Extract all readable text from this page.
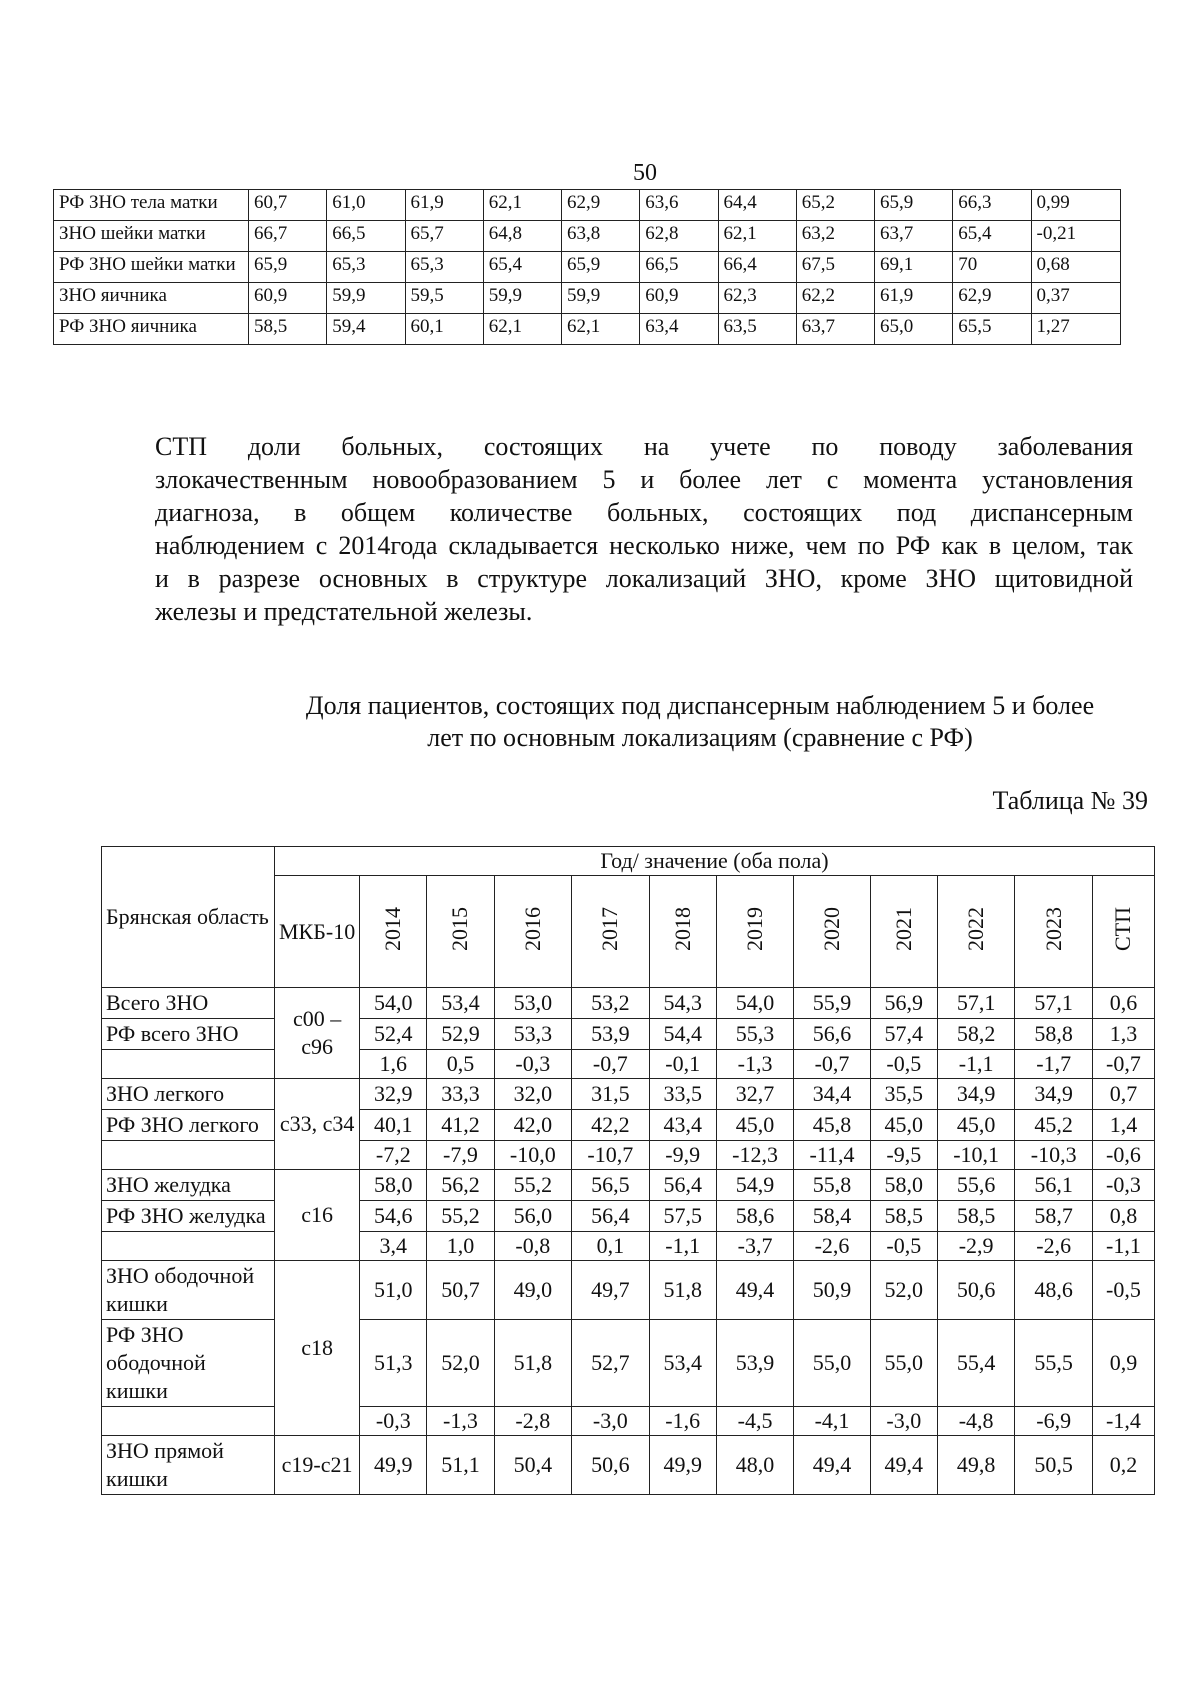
50
РФ ЗНО тела матки	60,7	61,0	61,9	62,1	62,9	63,6	64,4	65,2	65,9	66,3	0,99
ЗНО шейки матки	66,7	66,5	65,7	64,8	63,8	62,8	62,1	63,2	63,7	65,4	-0,21
РФ ЗНО шейки матки	65,9	65,3	65,3	65,4	65,9	66,5	66,4	67,5	69,1	70	0,68
ЗНО яичника	60,9	59,9	59,5	59,9	59,9	60,9	62,3	62,2	61,9	62,9	0,37
РФ ЗНО яичника	58,5	59,4	60,1	62,1	62,1	63,4	63,5	63,7	65,0	65,5	1,27
СТП доли больных, состоящих на учете по поводу заболевания
злокачественным новообразованием 5 и более лет с момента установления
диагноза, в общем количестве больных, состоящих под диспансерным
наблюдением с 2014года складывается несколько ниже, чем по РФ как в целом, так
и в разрезе основных в структуре локализаций ЗНО, кроме ЗНО щитовидной
железы и предстательной железы.
Доля пациентов, состоящих под диспансерным наблюдением 5 и более
лет по основным локализациям (сравнение с РФ)
Таблица № 39
Брянская область	Год/ значение (оба пола)											
	МКБ-10	2014	2015	2016	2017	2018	2019	2020	2021	2022	2023	СТП
Всего ЗНО	с00 – с96	54,0	53,4	53,0	53,2	54,3	54,0	55,9	56,9	57,1	57,1	0,6
РФ всего ЗНО		52,4	52,9	53,3	53,9	54,4	55,3	56,6	57,4	58,2	58,8	1,3
		1,6	0,5	-0,3	-0,7	-0,1	-1,3	-0,7	-0,5	-1,1	-1,7	-0,7
ЗНО легкого	с33, с34	32,9	33,3	32,0	31,5	33,5	32,7	34,4	35,5	34,9	34,9	0,7
РФ ЗНО легкого		40,1	41,2	42,0	42,2	43,4	45,0	45,8	45,0	45,0	45,2	1,4
		-7,2	-7,9	-10,0	-10,7	-9,9	-12,3	-11,4	-9,5	-10,1	-10,3	-0,6
ЗНО желудка	с16	58,0	56,2	55,2	56,5	56,4	54,9	55,8	58,0	55,6	56,1	-0,3
РФ ЗНО желудка		54,6	55,2	56,0	56,4	57,5	58,6	58,4	58,5	58,5	58,7	0,8
		3,4	1,0	-0,8	0,1	-1,1	-3,7	-2,6	-0,5	-2,9	-2,6	-1,1
ЗНО ободочной кишки	с18	51,0	50,7	49,0	49,7	51,8	49,4	50,9	52,0	50,6	48,6	-0,5
РФ ЗНО ободочной кишки		51,3	52,0	51,8	52,7	53,4	53,9	55,0	55,0	55,4	55,5	0,9
		-0,3	-1,3	-2,8	-3,0	-1,6	-4,5	-4,1	-3,0	-4,8	-6,9	-1,4
ЗНО прямой кишки	с19-с21	49,9	51,1	50,4	50,6	49,9	48,0	49,4	49,4	49,8	50,5	0,2
